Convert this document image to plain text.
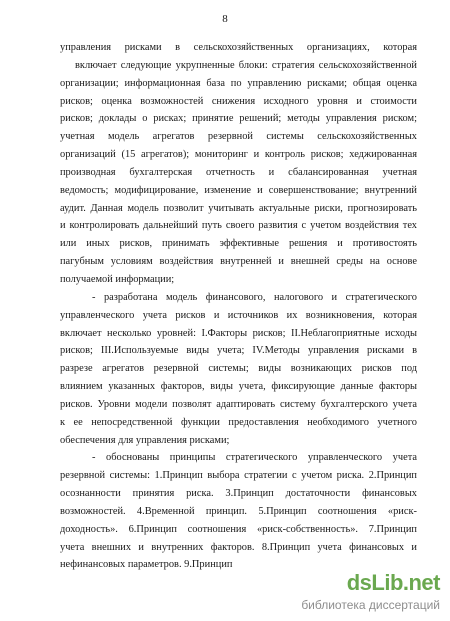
8
управления рисками в сельскохозяйственных организациях, которая
включает следующие укрупненные блоки: стратегия сельскохозяйственной
организации; информационная база по управлению рисками; общая оценка
рисков; оценка возможностей снижения исходного уровня и стоимости
рисков; доклады о рисках; принятие решений; методы управления риском;
учетная модель агрегатов резервной системы сельскохозяйственных
организаций (15 агрегатов); мониторинг и контроль рисков; хеджированная
производная бухгалтерская отчетность и сбалансированная учетная
ведомость; модифицирование, изменение и совершенствование; внутренний
аудит. Данная модель позволит учитывать актуальные риски, прогнозировать
и контролировать дальнейший путь своего развития с учетом воздействия тех
или иных рисков, принимать эффективные решения и противостоять
пагубным условиям воздействия внутренней и внешней среды на основе
получаемой информации;
- разработана модель финансового, налогового и стратегического
управленческого учета рисков и источников их возникновения, которая
включает несколько уровней: I.Факторы рисков; II.Неблагоприятные исходы
рисков; III.Используемые виды учета; IV.Методы управления рисками в
разрезе агрегатов резервной системы; виды возникающих рисков под
влиянием указанных факторов, виды учета, фиксирующие данные факторы
рисков. Уровни модели позволят адаптировать систему бухгалтерского учета
к ее непосредственной функции предоставления необходимого учетного
обеспечения для управления рисками;
- обоснованы принципы стратегического управленческого учета
резервной системы: 1.Принцип выбора стратегии с учетом риска. 2.Принцип
осознанности принятия риска. 3.Принцип достаточности финансовых
возможностей. 4.Временной принцип. 5.Принцип соотношения «риск-
доходность». 6.Принцип соотношения «риск-собственность». 7.Принцип
учета внешних и внутренних факторов. 8.Принцип учета финансовых и
нефинансовых параметров. 9.Принцип
dsLib.net
библиотека диссертаций
